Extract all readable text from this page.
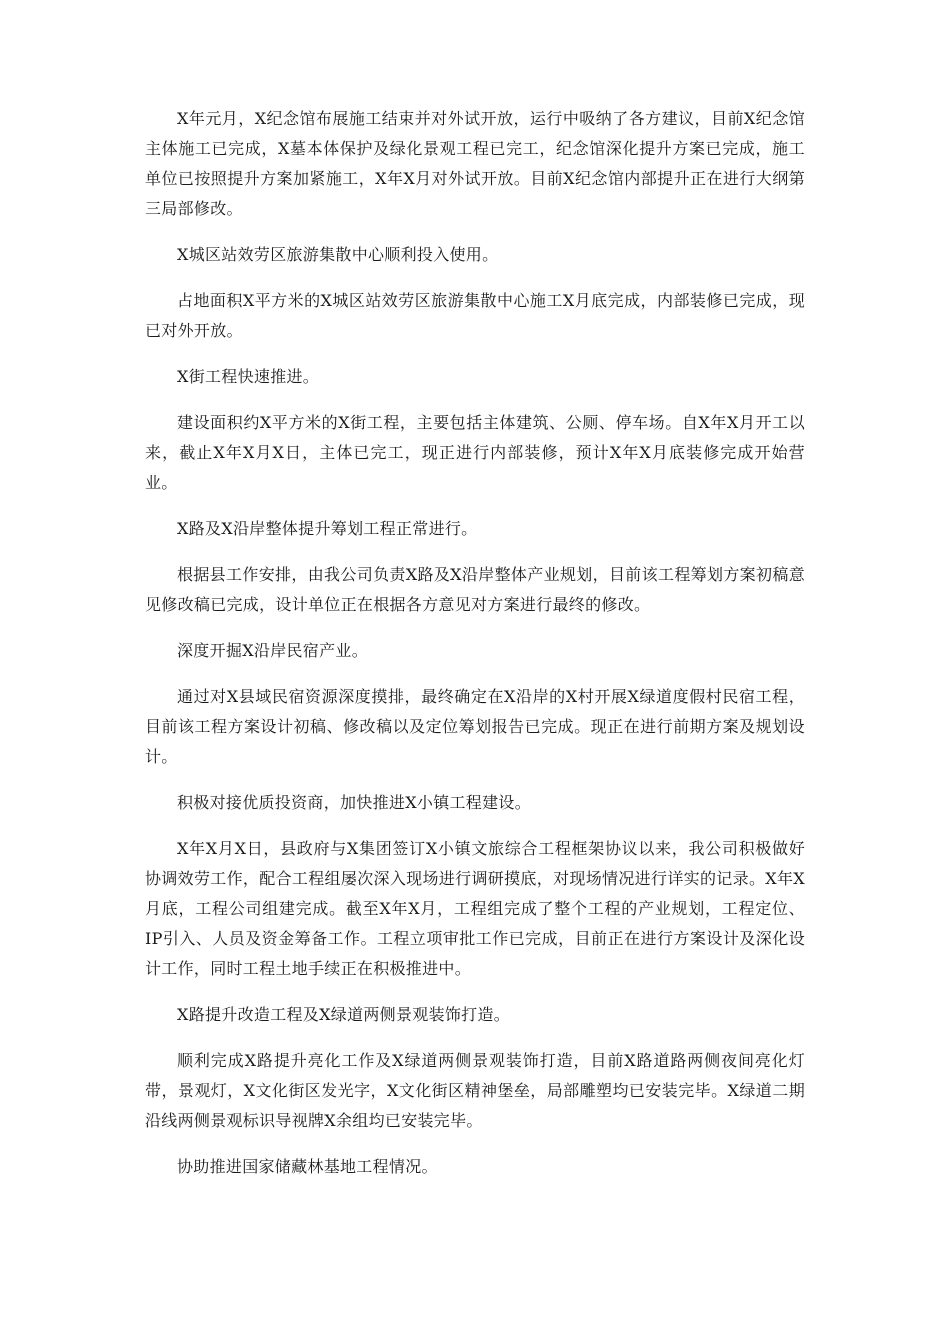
X年元月，X纪念馆布展施工结束并对外试开放，运行中吸纳了各方建议，目前X纪念馆主体施工已完成，X墓本体保护及绿化景观工程已完工，纪念馆深化提升方案已完成，施工单位已按照提升方案加紧施工，X年X月对外试开放。目前X纪念馆内部提升正在进行大纲第三局部修改。

X城区站效劳区旅游集散中心顺利投入使用。

占地面积X平方米的X城区站效劳区旅游集散中心施工X月底完成，内部装修已完成，现已对外开放。

X街工程快速推进。

建设面积约X平方米的X街工程，主要包括主体建筑、公厕、停车场。自X年X月开工以来，截止X年X月X日，主体已完工，现正进行内部装修，预计X年X月底装修完成开始营业。

X路及X沿岸整体提升筹划工程正常进行。

根据县工作安排，由我公司负责X路及X沿岸整体产业规划，目前该工程筹划方案初稿意见修改稿已完成，设计单位正在根据各方意见对方案进行最终的修改。

深度开掘X沿岸民宿产业。

通过对X县域民宿资源深度摸排，最终确定在X沿岸的X村开展X绿道度假村民宿工程，目前该工程方案设计初稿、修改稿以及定位筹划报告已完成。现正在进行前期方案及规划设计。

积极对接优质投资商，加快推进X小镇工程建设。

X年X月X日，县政府与X集团签订X小镇文旅综合工程框架协议以来，我公司积极做好协调效劳工作，配合工程组屡次深入现场进行调研摸底，对现场情况进行详实的记录。X年X月底，工程公司组建完成。截至X年X月，工程组完成了整个工程的产业规划，工程定位、IP引入、人员及资金筹备工作。工程立项审批工作已完成，目前正在进行方案设计及深化设计工作，同时工程土地手续正在积极推进中。

X路提升改造工程及X绿道两侧景观装饰打造。

顺利完成X路提升亮化工作及X绿道两侧景观装饰打造，目前X路道路两侧夜间亮化灯带，景观灯，X文化街区发光字，X文化街区精神堡垒，局部雕塑均已安装完毕。X绿道二期沿线两侧景观标识导视牌X余组均已安装完毕。

协助推进国家储藏林基地工程情况。
